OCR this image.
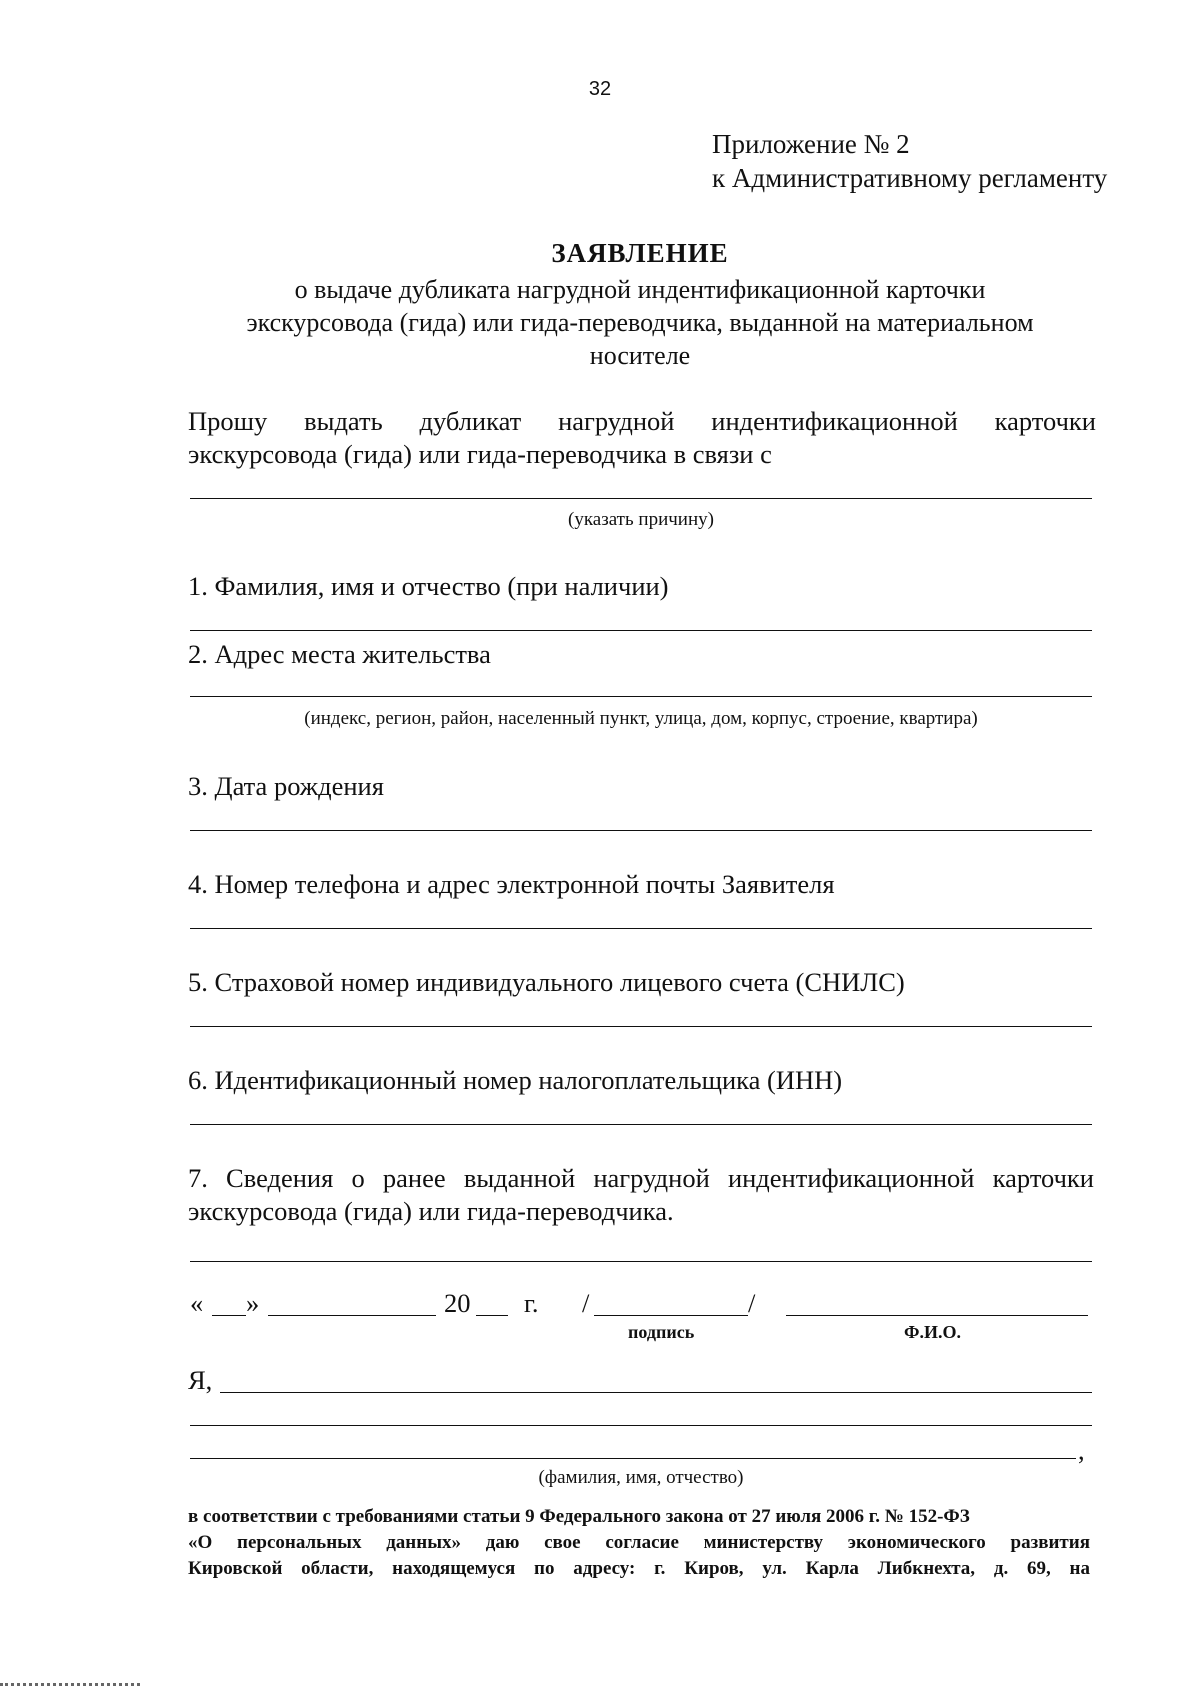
32
Приложение № 2
к Административному регламенту
ЗАЯВЛЕНИЕ
о выдаче дубликата нагрудной индентификационной карточки
экскурсовода (гида) или гида-переводчика, выданной на материальном
носителе
Прошу выдать дубликат нагрудной индентификационной карточки
экскурсовода (гида) или гида-переводчика в связи с
(указать причину)
1. Фамилия, имя и отчество (при наличии)
2. Адрес места жительства
(индекс, регион, район, населенный пункт, улица, дом, корпус, строение, квартира)
3. Дата рождения
4. Номер телефона и адрес электронной почты Заявителя
5. Страховой номер индивидуального лицевого счета (СНИЛС)
6. Идентификационный номер налогоплательщика (ИНН)
7. Сведения о ранее выданной нагрудной индентификационной карточки
экскурсовода (гида) или гида-переводчика.
« »	20 г. /	/
подпись	Ф.И.О.
Я,
,
(фамилия, имя, отчество)
в соответствии с требованиями статьи 9 Федерального закона от 27 июля 2006 г. № 152-ФЗ
«О персональных данных» даю свое согласие министерству экономического развития
Кировской области, находящемуся по адресу: г. Киров, ул. Карла Либкнехта, д. 69, на
